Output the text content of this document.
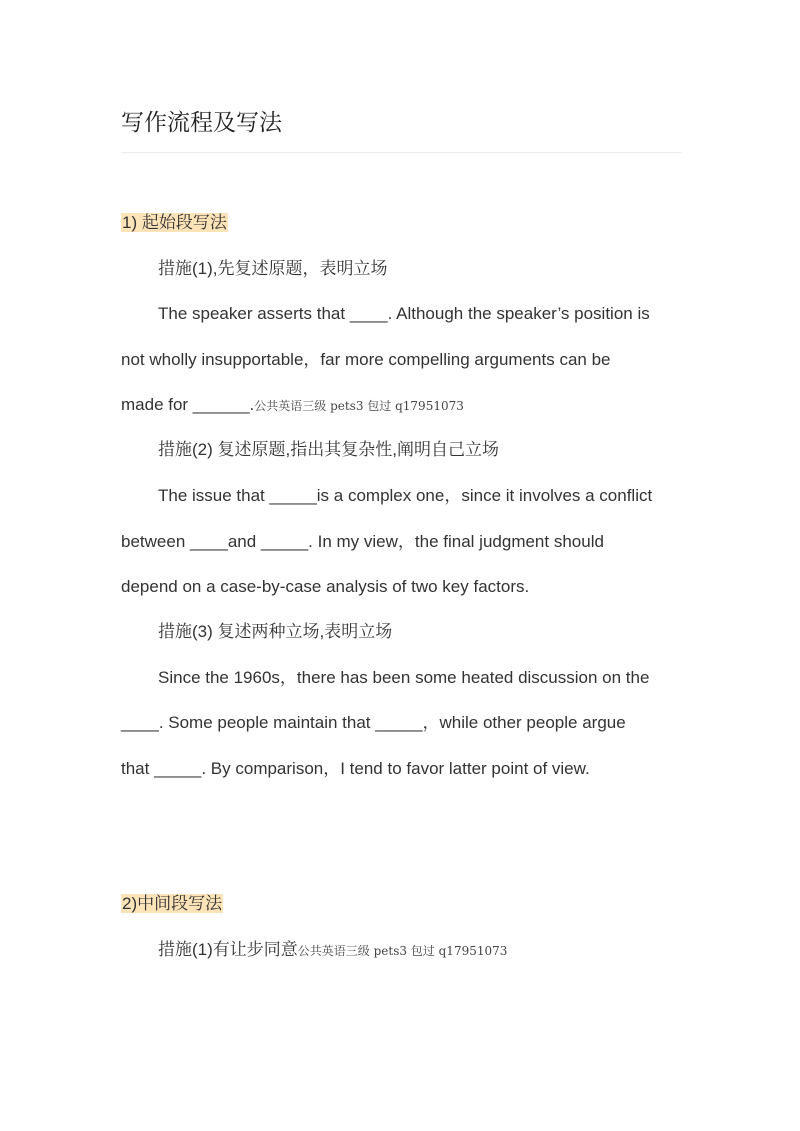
写作流程及写法
1) 起始段写法
措施(1),先复述原题，表明立场
The speaker asserts that ____. Although the speaker’s position is
not wholly insupportable，far more compelling arguments can be
made for ______.公共英语三级 pets3 包过 q17951073
措施(2) 复述原题,指出其复杂性,阐明自己立场
The issue that _____is a complex one，since it involves a conflict
between ____and _____. In my view，the final judgment should
depend on a case-by-case analysis of two key factors.
措施(3) 复述两种立场,表明立场
Since the 1960s，there has been some heated discussion on the
____. Some people maintain that _____，while other people argue
that _____. By comparison，I tend to favor latter point of view.
2)中间段写法
措施(1)有让步同意公共英语三级 pets3 包过 q17951073
